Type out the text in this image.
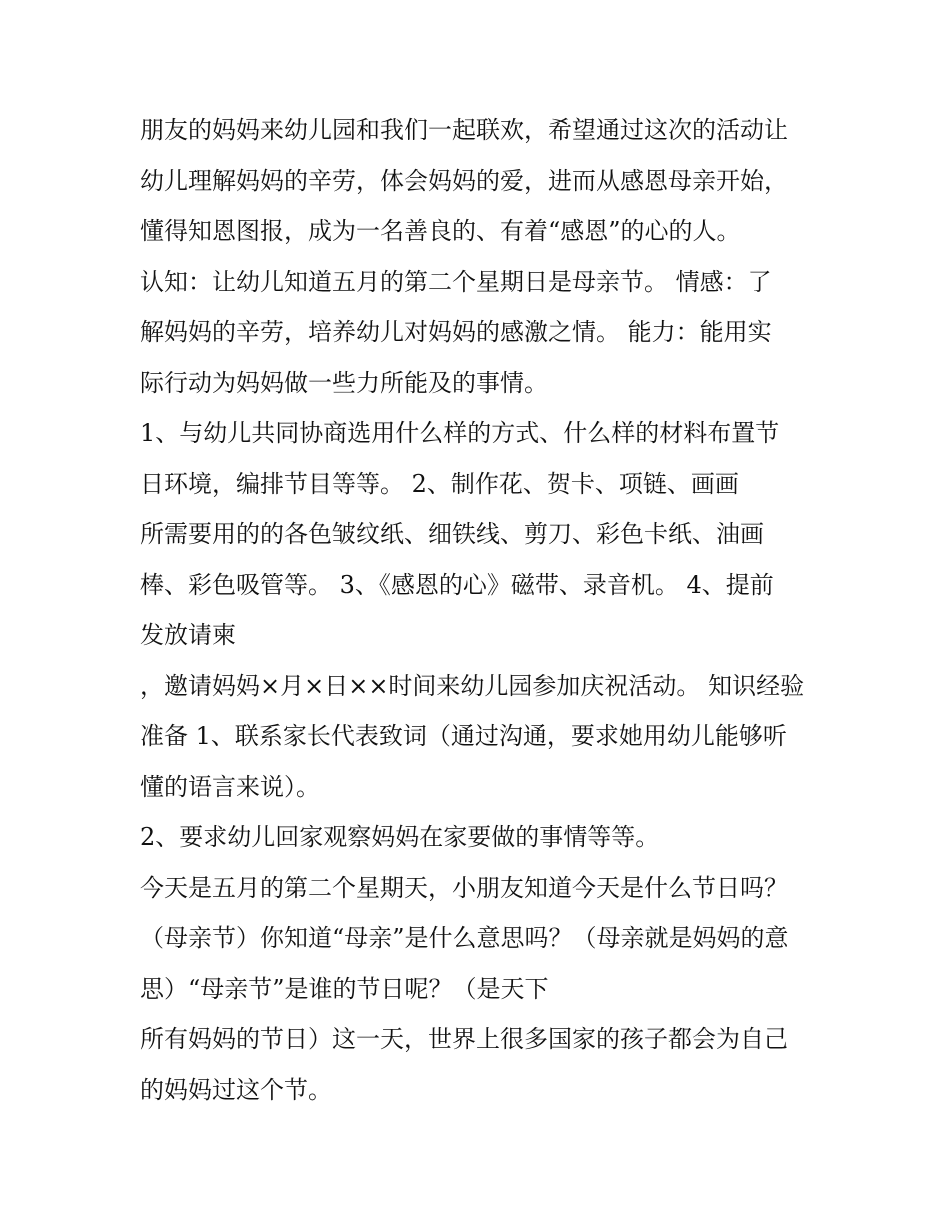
朋友的妈妈来幼儿园和我们一起联欢，希望通过这次的活动让
幼儿理解妈妈的辛劳，体会妈妈的爱，进而从感恩母亲开始，
懂得知恩图报，成为一名善良的、有着“感恩”的心的人。
认知：让幼儿知道五月的第二个星期日是母亲节。 情感：了
解妈妈的辛劳，培养幼儿对妈妈的感激之情。 能力：能用实
际行动为妈妈做一些力所能及的事情。
1、与幼儿共同协商选用什么样的方式、什么样的材料布置节
日环境，编排节目等等。 2、制作花、贺卡、项链、画画
所需要用的的各色皱纹纸、细铁线、剪刀、彩色卡纸、油画
棒、彩色吸管等。 3、《感恩的心》磁带、录音机。 4、提前
发放请柬
，邀请妈妈×月×日××时间来幼儿园参加庆祝活动。 知识经验
准备 1、联系家长代表致词（通过沟通，要求她用幼儿能够听
懂的语言来说）。
2、要求幼儿回家观察妈妈在家要做的事情等等。
今天是五月的第二个星期天，小朋友知道今天是什么节日吗？
（母亲节）你知道“母亲”是什么意思吗？（母亲就是妈妈的意
思）“母亲节”是谁的节日呢？（是天下
所有妈妈的节日）这一天，世界上很多国家的孩子都会为自己
的妈妈过这个节。
